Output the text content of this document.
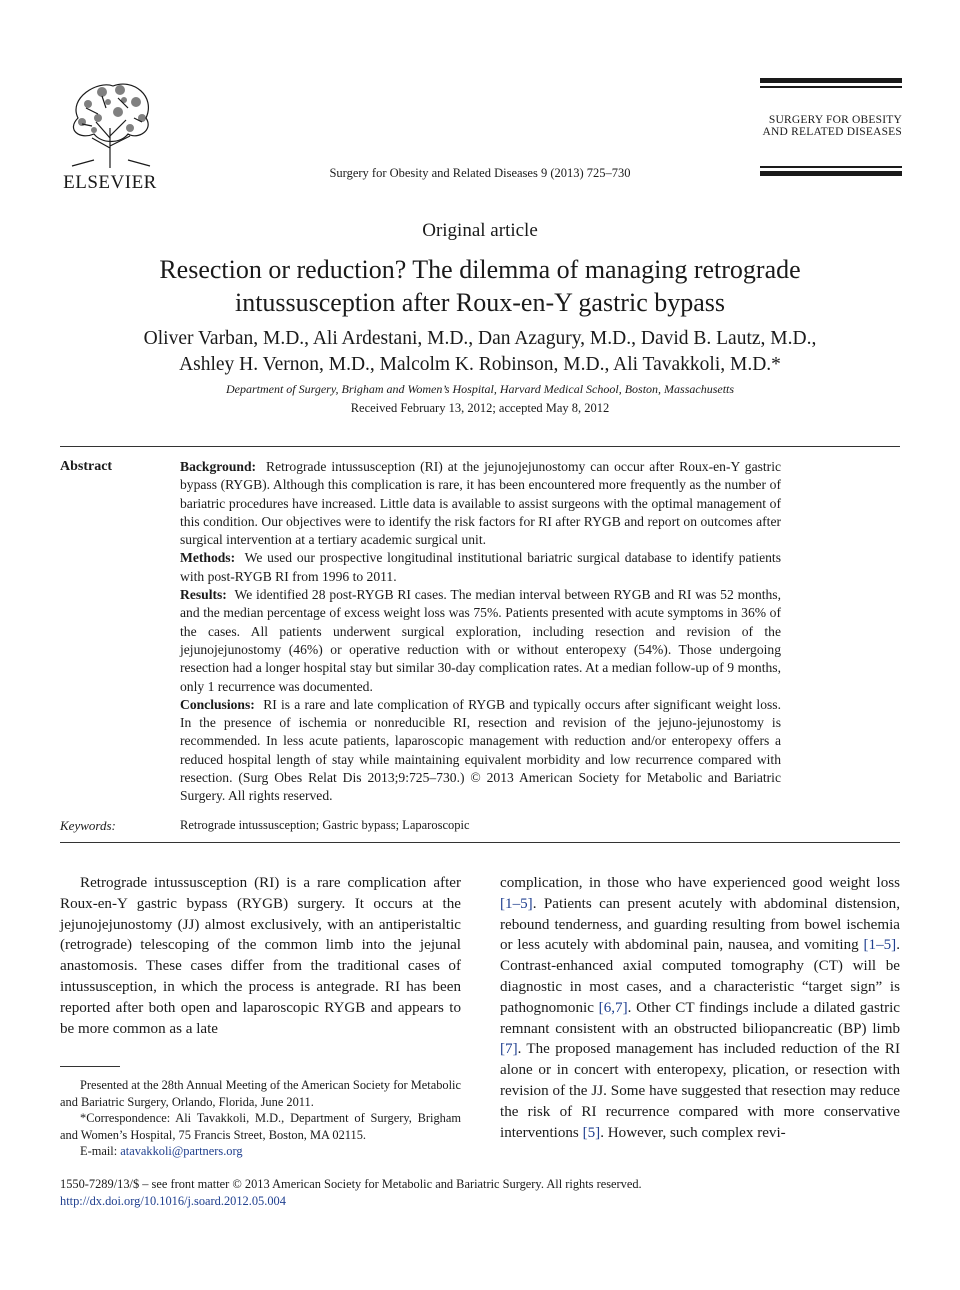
ELSEVIER	Surgery for Obesity and Related Diseases 9 (2013) 725–730
SURGERY FOR OBESITY
AND RELATED DISEASES
Original article
Resection or reduction? The dilemma of managing retrograde
intussusception after Roux-en-Y gastric bypass
Oliver Varban, M.D., Ali Ardestani, M.D., Dan Azagury, M.D., David B. Lautz, M.D.,
Ashley H. Vernon, M.D., Malcolm K. Robinson, M.D., Ali Tavakkoli, M.D.*
Department of Surgery, Brigham and Women’s Hospital, Harvard Medical School, Boston, Massachusetts
Received February 13, 2012; accepted May 8, 2012
Abstract	Background: Retrograde intussusception (RI) at the jejunojejunostomy can occur after Roux-en-Y gastric bypass (RYGB). Although this complication is rare, it has been encountered more frequently as the number of bariatric procedures have increased. Little data is available to assist surgeons with the optimal management of this condition. Our objectives were to identify the risk factors for RI after RYGB and report on outcomes after surgical intervention at a tertiary academic surgical unit.

Methods: We used our prospective longitudinal institutional bariatric surgical database to identify patients with post-RYGB RI from 1996 to 2011.

Results: We identified 28 post-RYGB RI cases. The median interval between RYGB and RI was 52 months, and the median percentage of excess weight loss was 75%. Patients presented with acute symptoms in 36% of the cases. All patients underwent surgical exploration, including resection and revision of the jejunojejunostomy (46%) or operative reduction with or without enteropexy (54%). Those undergoing resection had a longer hospital stay but similar 30-day complication rates. At a median follow-up of 9 months, only 1 recurrence was documented.

Conclusions: RI is a rare and late complication of RYGB and typically occurs after significant weight loss. In the presence of ischemia or nonreducible RI, resection and revision of the jejuno-jejunostomy is recommended. In less acute patients, laparoscopic management with reduction and/or enteropexy offers a reduced hospital length of stay while maintaining equivalent morbidity and low recurrence compared with resection. (Surg Obes Relat Dis 2013;9:725–730.) © 2013 American Society for Metabolic and Bariatric Surgery. All rights reserved.

Keywords:	Retrograde intussusception; Gastric bypass; Laparoscopic

Retrograde intussusception (RI) is a rare complication after Roux-en-Y gastric bypass (RYGB) surgery. It occurs at the jejunojejunostomy (JJ) almost exclusively, with an antiperistaltic (retrograde) telescoping of the common limb into the jejunal anastomosis. These cases differ from the traditional cases of intussusception, in which the process is antegrade. RI has been reported after both open and laparoscopic RYGB and appears to be more common as a late

complication, in those who have experienced good weight loss [1–5]. Patients can present acutely with abdominal distension, rebound tenderness, and guarding resulting from bowel ischemia or less acutely with abdominal pain, nausea, and vomiting [1–5]. Contrast-enhanced axial computed tomography (CT) will be diagnostic in most cases, and a characteristic “target sign” is pathognomonic [6,7]. Other CT findings include a dilated gastric remnant consistent with an obstructed biliopancreatic (BP) limb [7]. The proposed management has included reduction of the RI alone or in concert with enteropexy, plication, or resection with revision of the JJ. Some have suggested that resection may reduce the risk of RI recurrence compared with more conservative interventions [5]. However, such complex revi-

Presented at the 28th Annual Meeting of the American Society for Metabolic and Bariatric Surgery, Orlando, Florida, June 2011.

*Correspondence: Ali Tavakkoli, M.D., Department of Surgery, Brigham and Women’s Hospital, 75 Francis Street, Boston, MA 02115.

E-mail: atavakkoli@partners.org

1550-7289/13/$ – see front matter © 2013 American Society for Metabolic and Bariatric Surgery. All rights reserved.
http://dx.doi.org/10.1016/j.soard.2012.05.004
